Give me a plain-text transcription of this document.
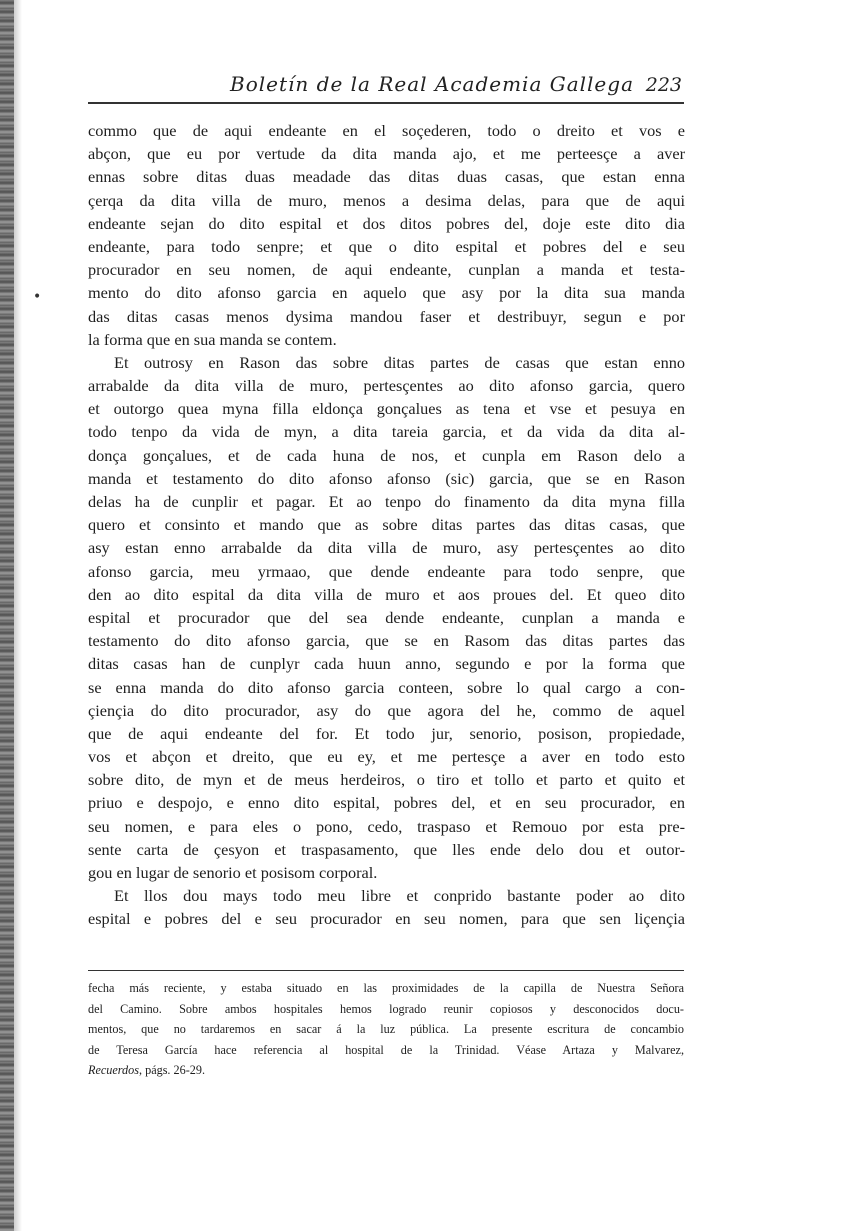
•
Boletín de la Real Academia Gallega 223
commo que de aqui endeante en el soçederen, todo o dreito et vos e
abçon, que eu por vertude da dita manda ajo, et me perteesçe a aver
ennas sobre ditas duas meadade das ditas duas casas, que estan enna
çerqa da dita villa de muro, menos a desima delas, para que de aqui
endeante sejan do dito espital et dos ditos pobres del, doje este dito dia
endeante, para todo senpre; et que o dito espital et pobres del e seu
procurador en seu nomen, de aqui endeante, cunplan a manda et testa-
mento do dito afonso garcia en aquelo que asy por la dita sua manda
das ditas casas menos dysima mandou faser et destribuyr, segun e por
la forma que en sua manda se contem.
Et outrosy en Rason das sobre ditas partes de casas que estan enno
arrabalde da dita villa de muro, pertesçentes ao dito afonso garcia, quero
et outorgo quea myna filla eldonça gonçalues as tena et vse et pesuya en
todo tenpo da vida de myn, a dita tareia garcia, et da vida da dita al-
donça gonçalues, et de cada huna de nos, et cunpla em Rason delo a
manda et testamento do dito afonso afonso (sic) garcia, que se en Rason
delas ha de cunplir et pagar. Et ao tenpo do finamento da dita myna filla
quero et consinto et mando que as sobre ditas partes das ditas casas, que
asy estan enno arrabalde da dita villa de muro, asy pertesçentes ao dito
afonso garcia, meu yrmaao, que dende endeante para todo senpre, que
den ao dito espital da dita villa de muro et aos proues del. Et queo dito
espital et procurador que del sea dende endeante, cunplan a manda e
testamento do dito afonso garcia, que se en Rasom das ditas partes das
ditas casas han de cunplyr cada huun anno, segundo e por la forma que
se enna manda do dito afonso garcia conteen, sobre lo qual cargo a con-
çiençia do dito procurador, asy do que agora del he, commo de aquel
que de aqui endeante del for. Et todo jur, senorio, posison, propiedade,
vos et abçon et dreito, que eu ey, et me pertesçe a aver en todo esto
sobre dito, de myn et de meus herdeiros, o tiro et tollo et parto et quito et
priuo e despojo, e enno dito espital, pobres del, et en seu procurador, en
seu nomen, e para eles o pono, cedo, traspaso et Remouo por esta pre-
sente carta de çesyon et traspasamento, que lles ende delo dou et outor-
gou en lugar de senorio et posisom corporal.
Et llos dou mays todo meu libre et conprido bastante poder ao dito
espital e pobres del e seu procurador en seu nomen, para que sen liçençia
fecha más reciente, y estaba situado en las proximidades de la capilla de Nuestra Señora
del Camino. Sobre ambos hospitales hemos logrado reunir copiosos y desconocidos docu-
mentos, que no tardaremos en sacar á la luz pública. La presente escritura de concambio
de Teresa García hace referencia al hospital de la Trinidad. Véase Artaza y Malvarez,
Recuerdos, págs. 26-29.
